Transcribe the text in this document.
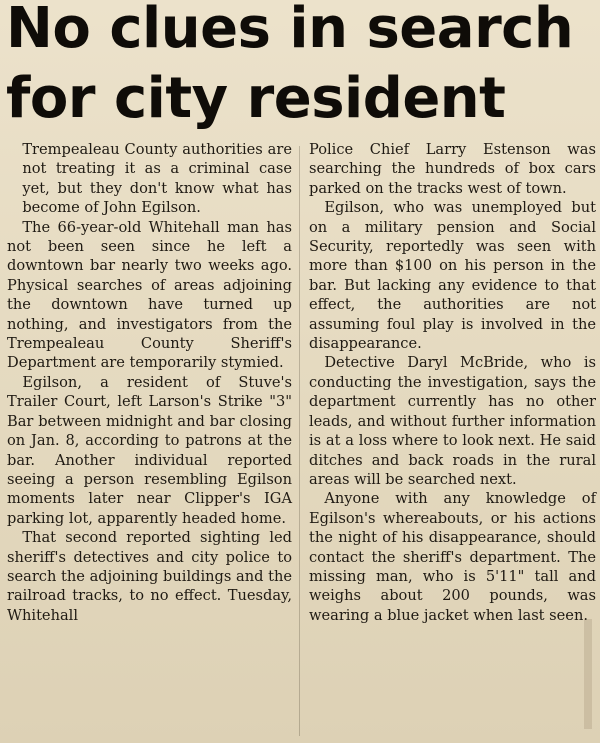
No clues in search
for city resident

Trempealeau County authorities are not treating it as a criminal case yet, but they don't know what has become of John Egilson.

The 66-year-old Whitehall man has not been seen since he left a downtown bar nearly two weeks ago. Physical searches of areas adjoining the downtown have turned up nothing, and investigators from the Trempealeau County Sheriff's Department are temporarily stymied.

Egilson, a resident of Stuve's Trailer Court, left Larson's Strike "3" Bar between midnight and bar closing on Jan. 8, according to patrons at the bar. Another individual reported seeing a person resembling Egilson moments later near Clipper's IGA parking lot, apparently headed home.

That second reported sighting led sheriff's detectives and city police to search the adjoining buildings and the railroad tracks, to no effect. Tuesday, Whitehall

Police Chief Larry Estenson was searching the hundreds of box cars parked on the tracks west of town.

Egilson, who was unemployed but on a military pension and Social Security, reportedly was seen with more than $100 on his person in the bar. But lacking any evidence to that effect, the authorities are not assuming foul play is involved in the disappearance.

Detective Daryl McBride, who is conducting the investigation, says the department currently has no other leads, and without further information is at a loss where to look next. He said ditches and back roads in the rural areas will be searched next.

Anyone with any knowledge of Egilson's whereabouts, or his actions the night of his disappearance, should contact the sheriff's department. The missing man, who is 5'11" tall and weighs about 200 pounds, was wearing a blue jacket when last seen.
